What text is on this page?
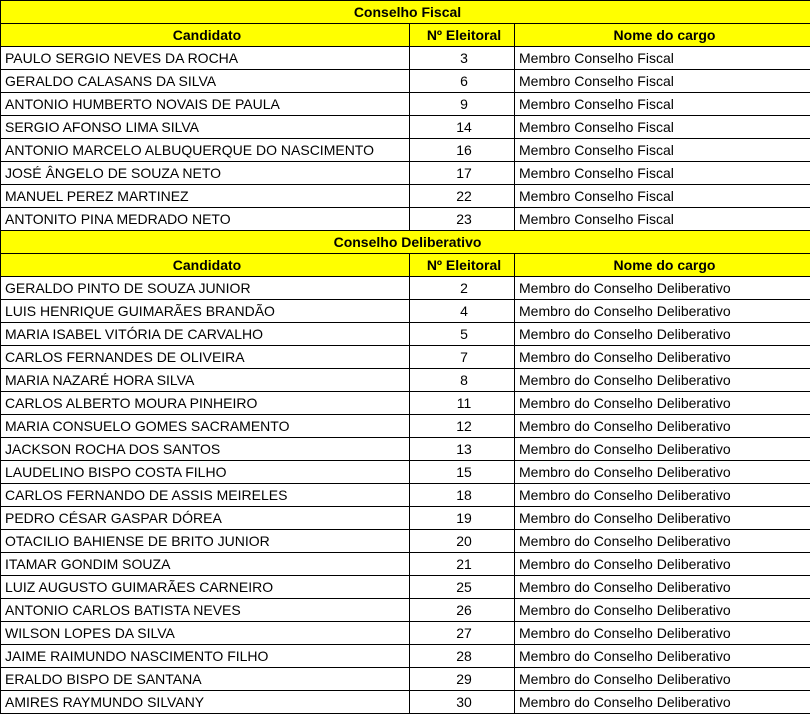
Conselho Fiscal		
Candidato	Nº Eleitoral	Nome do cargo
PAULO SERGIO NEVES DA ROCHA	3	Membro Conselho Fiscal
GERALDO CALASANS DA SILVA	6	Membro Conselho Fiscal
ANTONIO HUMBERTO NOVAIS DE PAULA	9	Membro Conselho Fiscal
SERGIO AFONSO LIMA SILVA	14	Membro Conselho Fiscal
ANTONIO MARCELO ALBUQUERQUE DO NASCIMENTO	16	Membro Conselho Fiscal
JOSÉ ÂNGELO DE SOUZA NETO	17	Membro Conselho Fiscal
MANUEL PEREZ MARTINEZ	22	Membro Conselho Fiscal
ANTONITO PINA MEDRADO NETO	23	Membro Conselho Fiscal
Conselho Deliberativo		
Candidato	Nº Eleitoral	Nome do cargo
GERALDO PINTO DE SOUZA JUNIOR	2	Membro do Conselho Deliberativo
LUIS HENRIQUE GUIMARÃES BRANDÃO	4	Membro do Conselho Deliberativo
MARIA ISABEL VITÓRIA DE CARVALHO	5	Membro do Conselho Deliberativo
CARLOS FERNANDES DE OLIVEIRA	7	Membro do Conselho Deliberativo
MARIA NAZARÉ HORA SILVA	8	Membro do Conselho Deliberativo
CARLOS ALBERTO MOURA PINHEIRO	11	Membro do Conselho Deliberativo
MARIA CONSUELO GOMES SACRAMENTO	12	Membro do Conselho Deliberativo
JACKSON ROCHA DOS SANTOS	13	Membro do Conselho Deliberativo
LAUDELINO BISPO COSTA FILHO	15	Membro do Conselho Deliberativo
CARLOS FERNANDO DE ASSIS MEIRELES	18	Membro do Conselho Deliberativo
PEDRO CÉSAR GASPAR DÓREA	19	Membro do Conselho Deliberativo
OTACILIO BAHIENSE DE BRITO JUNIOR	20	Membro do Conselho Deliberativo
ITAMAR GONDIM SOUZA	21	Membro do Conselho Deliberativo
LUIZ AUGUSTO GUIMARÃES CARNEIRO	25	Membro do Conselho Deliberativo
ANTONIO CARLOS BATISTA NEVES	26	Membro do Conselho Deliberativo
WILSON LOPES DA SILVA	27	Membro do Conselho Deliberativo
JAIME RAIMUNDO NASCIMENTO FILHO	28	Membro do Conselho Deliberativo
ERALDO BISPO DE SANTANA	29	Membro do Conselho Deliberativo
AMIRES RAYMUNDO SILVANY	30	Membro do Conselho Deliberativo
